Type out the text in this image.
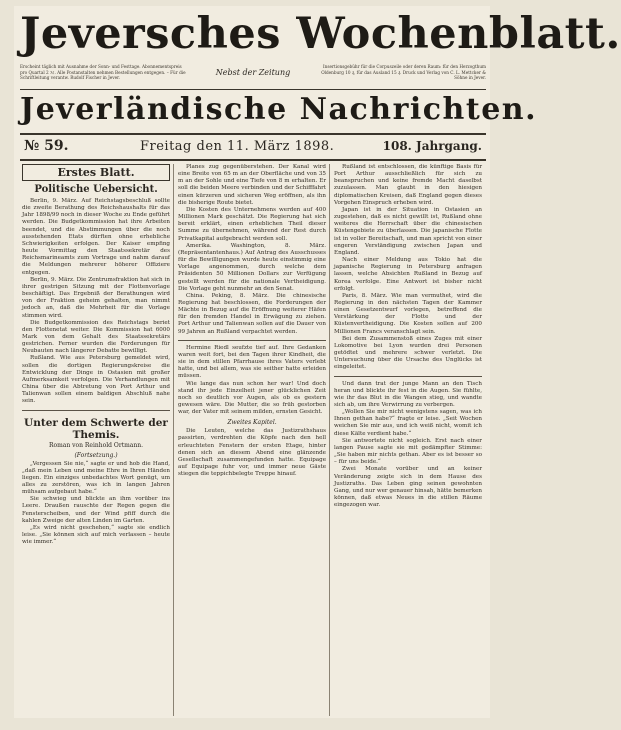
Jeversches Wochenblatt.
Erscheint täglich mit Ausnahme der Sonn- und Festtage. Abonnementspreis pro Quartal 2 ℳ. Alle Postanstalten nehmen Bestellungen entgegen. – Für die Schriftleitung verantw. Rudolf Fischer in Jever.
Nebst der Zeitung
Insertionsgebühr für die Corpuszeile oder deren Raum: für den Herzogthum Oldenburg 10 ₰, für das Ausland 15 ₰. Druck und Verlag von C. L. Mettcker & Söhne in Jever.
Jeverländische Nachrichten.
№ 59.	Freitag den 11. März 1898.	108. Jahrgang.
Erstes Blatt.
Politische Uebersicht.

Berlin, 9. März. Auf Reichstagsbeschluß sollte die zweite Berathung des Reichshaushalts für das Jahr 1898/99 noch in dieser Woche zu Ende geführt werden. Die Budgetkommission hat ihre Arbeiten beendet, und die Abstimmungen über die noch ausstehenden Etats dürften ohne erhebliche Schwierigkeiten erfolgen. Der Kaiser empfing heute Vormittag den Staatssekretär des Reichsmarineamts zum Vortrage und nahm darauf die Meldungen mehrerer höherer Offiziere entgegen.

Berlin, 9. März. Die Zentrumsfraktion hat sich in ihrer gestrigen Sitzung mit der Flottenvorlage beschäftigt. Das Ergebniß der Berathungen wird von der Fraktion geheim gehalten, man nimmt jedoch an, daß die Mehrheit für die Vorlage stimmen wird.

Die Budgetkommission des Reichstags beriet den Flottenetat weiter. Die Kommission hat 6000 Mark von dem Gehalt des Staatssekretärs gestrichen. Ferner wurden die Forderungen für Neubauten nach längerer Debatte bewilligt.

Rußland. Wie aus Petersburg gemeldet wird, sollen die dortigen Regierungskreise die Entwicklung der Dinge in Ostasien mit großer Aufmerksamkeit verfolgen. Die Verhandlungen mit China über die Abtretung von Port Arthur und Talienwan sollen einem baldigen Abschluß nahe sein.

Unter dem Schwerte der Themis.
Roman von Reinhold Ortmann.
(Fortsetzung.)

„Vergessen Sie nie,“ sagte er und hob die Hand, „daß mein Leben und meine Ehre in Ihren Händen liegen. Ein einziges unbedachtes Wort genügt, um alles zu zerstören, was ich in langen Jahren mühsam aufgebaut habe.“

Sie schwieg und blickte an ihm vorüber ins Leere. Draußen rauschte der Regen gegen die Fensterscheiben, und der Wind pfiff durch die kahlen Zweige der alten Linden im Garten.

„Es wird nicht geschehen,“ sagte sie endlich leise. „Sie können sich auf mich verlassen – heute wie immer.“

Planes zug gegenüberstehen. Der Kanal wird eine Breite von 65 m an der Oberfläche und von 35 m an der Sohle und eine Tiefe von 8 m erhalten. Er soll die beiden Meere verbinden und der Schifffahrt einen kürzeren und sicheren Weg eröffnen, als ihn die bisherige Route bietet.

Die Kosten des Unternehmens werden auf 400 Millionen Mark geschätzt. Die Regierung hat sich bereit erklärt, einen erheblichen Theil dieser Summe zu übernehmen, während der Rest durch Privatkapital aufgebracht werden soll.

Amerika. Washington, 8. März. (Repräsentantenhaus.) Auf Antrag des Ausschusses für die Bewilligungen wurde heute einstimmig eine Vorlage angenommen, durch welche dem Präsidenten 50 Millionen Dollars zur Verfügung gestellt werden für die nationale Vertheidigung. Die Vorlage geht nunmehr an den Senat.

China. Peking, 8. März. Die chinesische Regierung hat beschlossen, die Forderungen der Mächte in Bezug auf die Eröffnung weiterer Häfen für den fremden Handel in Erwägung zu ziehen. Port Arthur und Talienwan sollen auf die Dauer von 99 Jahren an Rußland verpachtet werden.

Hermine Riedl seufzte tief auf. Ihre Gedanken waren weit fort, bei den Tagen ihrer Kindheit, die sie in dem stillen Pfarrhause ihres Vaters verlebt hatte, und bei allem, was sie seither hatte erleiden müssen.

Wie lange das nun schon her war! Und doch stand ihr jede Einzelheit jener glücklichen Zeit noch so deutlich vor Augen, als ob es gestern gewesen wäre. Die Mutter, die so früh gestorben war, der Vater mit seinem milden, ernsten Gesicht.

Zweites Kapitel.

Die Leuten, welche das Justizrathshaus passirten, verdrehten die Köpfe nach den hell erleuchteten Fenstern der ersten Etage, hinter denen sich an diesem Abend eine glänzende Gesellschaft zusammengefunden hatte. Equipage auf Equipage fuhr vor, und immer neue Gäste stiegen die teppichbelegte Treppe hinauf.

Rußland ist entschlossen, die künftige Basis für Port Arthur ausschließlich für sich zu beanspruchen und keine fremde Macht daselbst zuzulassen. Man glaubt in den hiesigen diplomatischen Kreisen, daß England gegen dieses Vorgehen Einspruch erheben wird.

Japan ist in der Situation in Ostasien an zugestehen, daß es nicht gewillt ist, Rußland ohne weiteres die Herrschaft über die chinesischen Küstengebiete zu überlassen. Die japanische Flotte ist in voller Bereitschaft, und man spricht von einer engeren Verständigung zwischen Japan und England.

Nach einer Meldung aus Tokio hat die japanische Regierung in Petersburg anfragen lassen, welche Absichten Rußland in Bezug auf Korea verfolge. Eine Antwort ist bisher nicht erfolgt.

Paris, 8. März. Wie man vermuthet, wird die Regierung in den nächsten Tagen der Kammer einen Gesetzentwurf vorlegen, betreffend die Verstärkung der Flotte und der Küstenvertheidigung. Die Kosten sollen auf 200 Millionen Francs veranschlagt sein.

Bei dem Zusammenstoß eines Zuges mit einer Lokomotive bei Lyon wurden drei Personen getödtet und mehrere schwer verletzt. Die Untersuchung über die Ursache des Unglücks ist eingeleitet.

Und dann trat der junge Mann an den Tisch heran und blickte ihr fest in die Augen. Sie fühlte, wie ihr das Blut in die Wangen stieg, und wandte sich ab, um ihre Verwirrung zu verbergen.

„Wollen Sie mir nicht wenigstens sagen, was ich Ihnen gethan habe?“ fragte er leise. „Seit Wochen weichen Sie mir aus, und ich weiß nicht, womit ich diese Kälte verdient habe.“

Sie antwortete nicht sogleich. Erst nach einer langen Pause sagte sie mit gedämpfter Stimme: „Sie haben mir nichts gethan. Aber es ist besser so – für uns beide.“

Zwei Monate vorüber und an keiner Veränderung zeigte sich in dem Hause des Justizraths. Das Leben ging seinen gewohnten Gang, und nur wer genauer hinsah, hätte bemerken können, daß etwas Neues in die stillen Räume eingezogen war.
